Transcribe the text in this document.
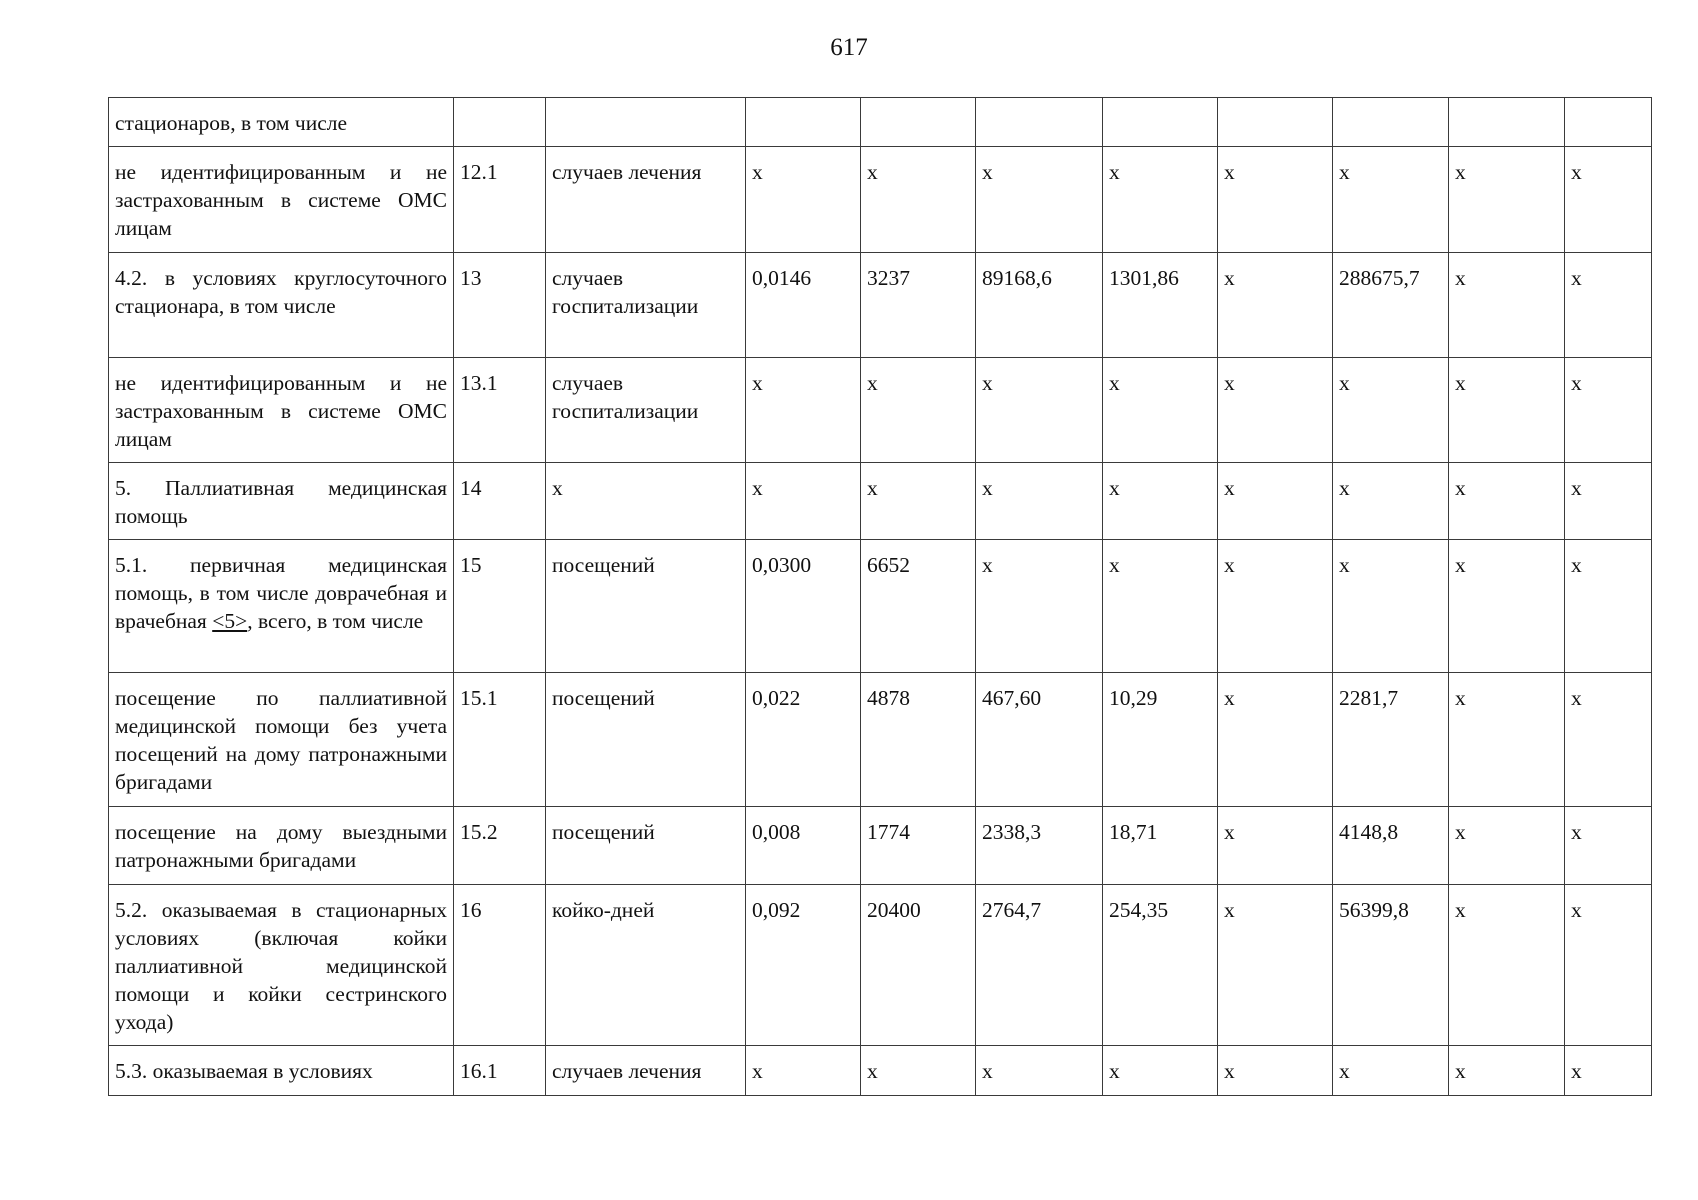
617
стационаров, в том числе										
не идентифицированным и не застрахованным в системе ОМС лицам	12.1	случаев лечения	x	x	x	x	x	x	x	x
4.2. в условиях круглосуточного стационара, в том числе	13	случаев госпитализации	0,0146	3237	89168,6	1301,86	x	288675,7	x	x
не идентифицированным и не застрахованным в системе ОМС лицам	13.1	случаев госпитализации	x	x	x	x	x	x	x	x
5. Паллиативная медицинская помощь	14	x	x	x	x	x	x	x	x	x
5.1. первичная медицинская помощь, в том числе доврачебная и врачебная <5>, всего, в том числе	15	посещений	0,0300	6652	x	x	x	x	x	x
посещение по паллиативной медицинской помощи без учета посещений на дому патронажными бригадами	15.1	посещений	0,022	4878	467,60	10,29	x	2281,7	x	x
посещение на дому выездными патронажными бригадами	15.2	посещений	0,008	1774	2338,3	18,71	x	4148,8	x	x
5.2. оказываемая в стационарных условиях (включая койки паллиативной медицинской помощи и койки сестринского ухода)	16	койко-дней	0,092	20400	2764,7	254,35	x	56399,8	x	x
5.3. оказываемая в условиях	16.1	случаев лечения	x	x	x	x	x	x	x	x
